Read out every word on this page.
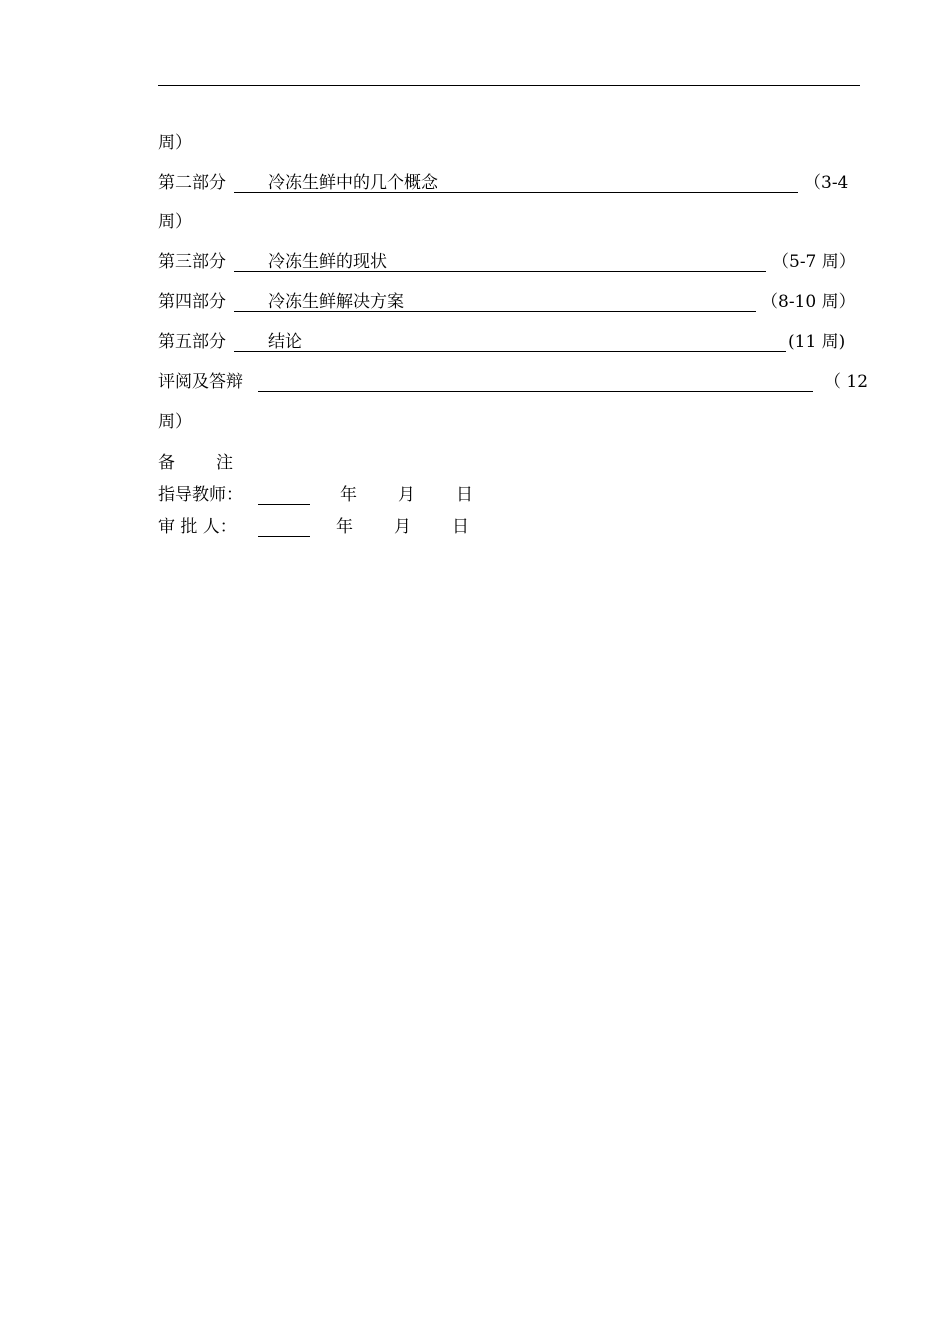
周）
第二部分 冷冻生鲜中的几个概念	（3-4
周）
第三部分 冷冻生鲜的现状	（5-7 周）
第四部分 冷冻生鲜解决方案	（8-10 周）
第五部分 结论	(11 周)
评阅及答辩	（ 12
周）
备 注
指导教师：	年 月 日
审 批 人：	年 月 日
